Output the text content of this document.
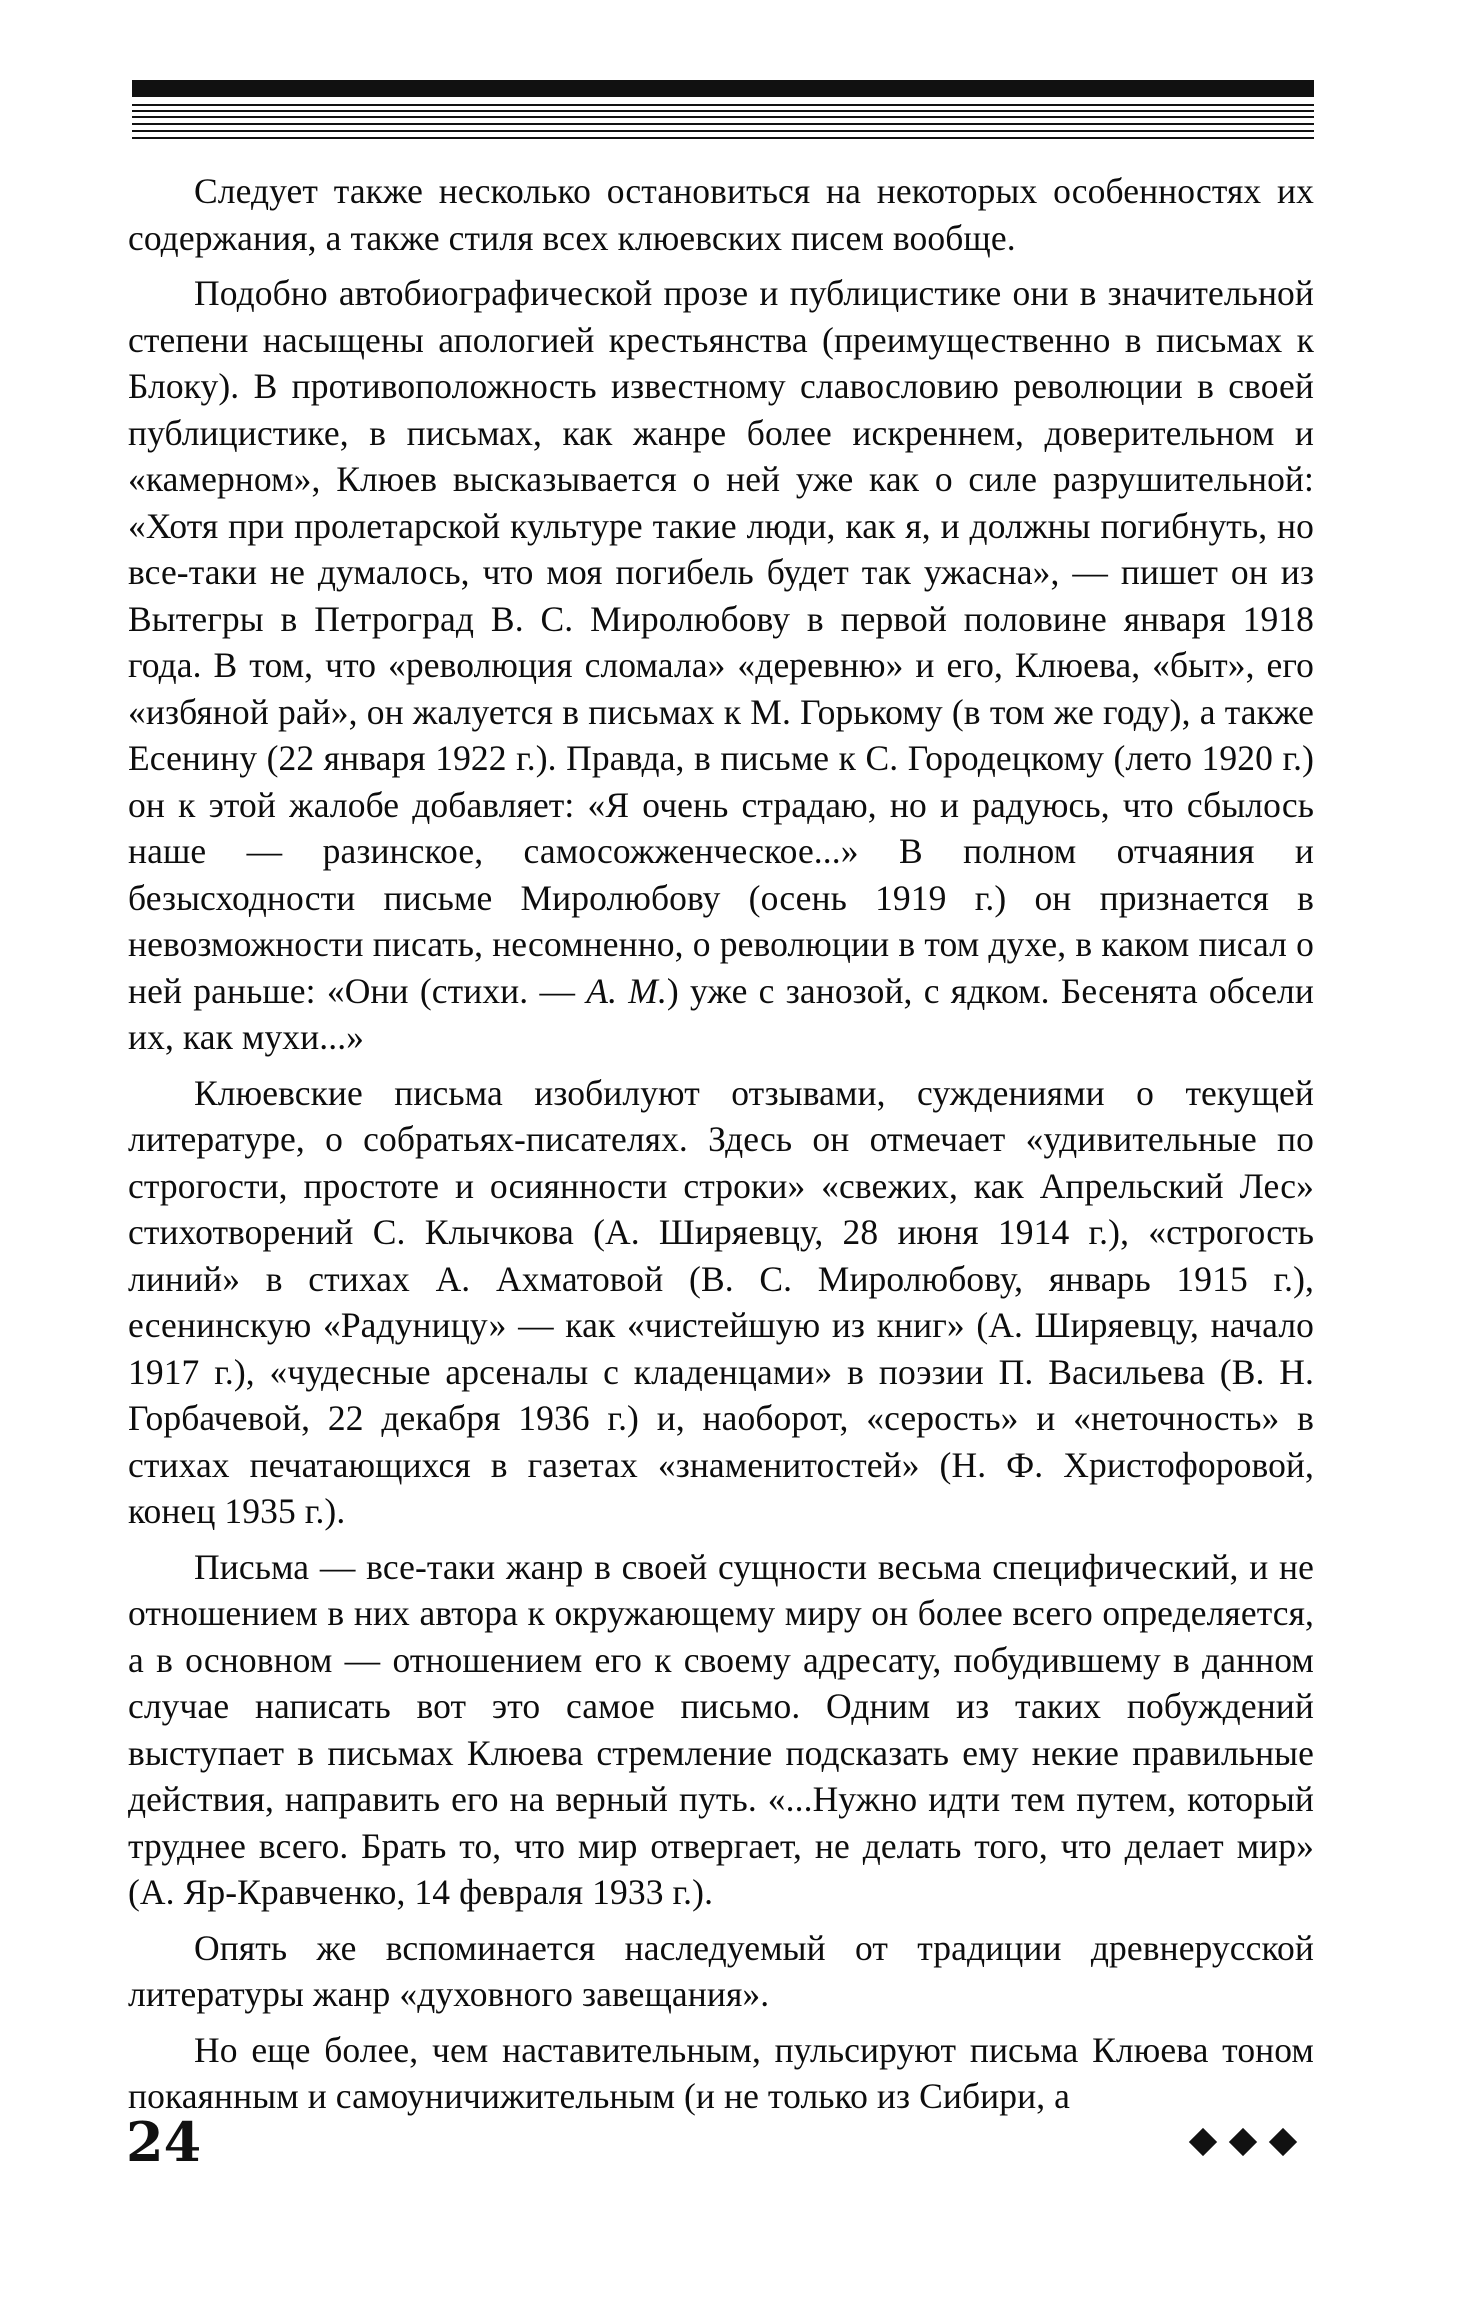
Следует также несколько остановиться на некоторых особенностях их содержания, а также стиля всех клюевских писем вообще.

Подобно автобиографической прозе и публицистике они в значительной степени насыщены апологией крестьянства (преимущественно в письмах к Блоку). В противоположность известному славословию революции в своей публицистике, в письмах, как жанре более искреннем, доверительном и «камерном», Клюев высказывается о ней уже как о силе разрушительной: «Хотя при пролетарской культуре такие люди, как я, и должны погибнуть, но все-таки не думалось, что моя погибель будет так ужасна», — пишет он из Вытегры в Петроград В. С. Миролюбову в первой половине января 1918 года. В том, что «революция сломала» «деревню» и его, Клюева, «быт», его «избяной рай», он жалуется в письмах к М. Горькому (в том же году), а также Есенину (22 января 1922 г.). Правда, в письме к С. Городецкому (лето 1920 г.) он к этой жалобе добавляет: «Я очень страдаю, но и радуюсь, что сбылось наше — разинское, самосожженческое...» В полном отчаяния и безысходности письме Миролюбову (осень 1919 г.) он признается в невозможности писать, несомненно, о революции в том духе, в каком писал о ней раньше: «Они (стихи. — А. М.) уже с занозой, с ядком. Бесенята обсели их, как мухи...»

Клюевские письма изобилуют отзывами, суждениями о текущей литературе, о собратьях-писателях. Здесь он отмечает «удивительные по строгости, простоте и осиянности строки» «свежих, как Апрельский Лес» стихотворений С. Клычкова (А. Ширяевцу, 28 июня 1914 г.), «строгость линий» в стихах А. Ахматовой (В. С. Миролюбову, январь 1915 г.), есенинскую «Радуницу» — как «чистейшую из книг» (А. Ширяевцу, начало 1917 г.), «чудесные арсеналы с кладенцами» в поэзии П. Васильева (В. Н. Горбачевой, 22 декабря 1936 г.) и, наоборот, «серость» и «неточность» в стихах печатающихся в газетах «знаменитостей» (Н. Ф. Христофоровой, конец 1935 г.).

Письма — все-таки жанр в своей сущности весьма специфический, и не отношением в них автора к окружающему миру он более всего определяется, а в основном — отношением его к своему адресату, побудившему в данном случае написать вот это самое письмо. Одним из таких побуждений выступает в письмах Клюева стремление подсказать ему некие правильные действия, направить его на верный путь. «...Нужно идти тем путем, который труднее всего. Брать то, что мир отвергает, не делать того, что делает мир» (А. Яр-Кравченко, 14 февраля 1933 г.).

Опять же вспоминается наследуемый от традиции древнерусской литературы жанр «духовного завещания».

Но еще более, чем наставительным, пульсируют письма Клюева тоном покаянным и самоуничижительным (и не только из Сибири, а

24
